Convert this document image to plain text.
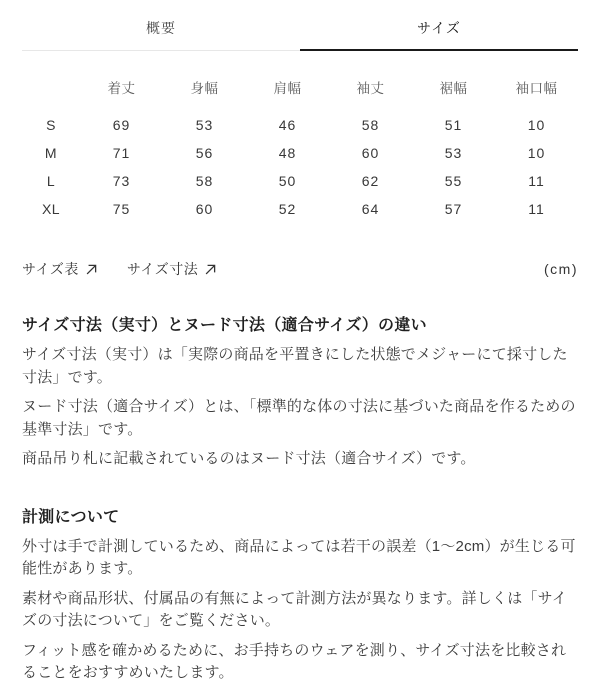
概要	サイズ
	着丈	身幅	肩幅	袖丈	裾幅	袖口幅
S	69	53	46	58	51	10
M	71	56	48	60	53	10
L	73	58	50	62	55	11
XL	75	60	52	64	57	11
サイズ表	サイズ寸法	(cm)
サイズ寸法（実寸）とヌード寸法（適合サイズ）の違い

サイズ寸法（実寸）は「実際の商品を平置きにした状態でメジャーにて採寸した寸法」です。

ヌード寸法（適合サイズ）とは、「標準的な体の寸法に基づいた商品を作るための基準寸法」です。

商品吊り札に記載されているのはヌード寸法（適合サイズ）です。

計測について

外寸は手で計測しているため、商品によっては若干の誤差（1〜2cm）が生じる可能性があります。

素材や商品形状、付属品の有無によって計測方法が異なります。詳しくは「サイズの寸法について」をご覧ください。

フィット感を確かめるために、お手持ちのウェアを測り、サイズ寸法を比較されることをおすすめいたします。
